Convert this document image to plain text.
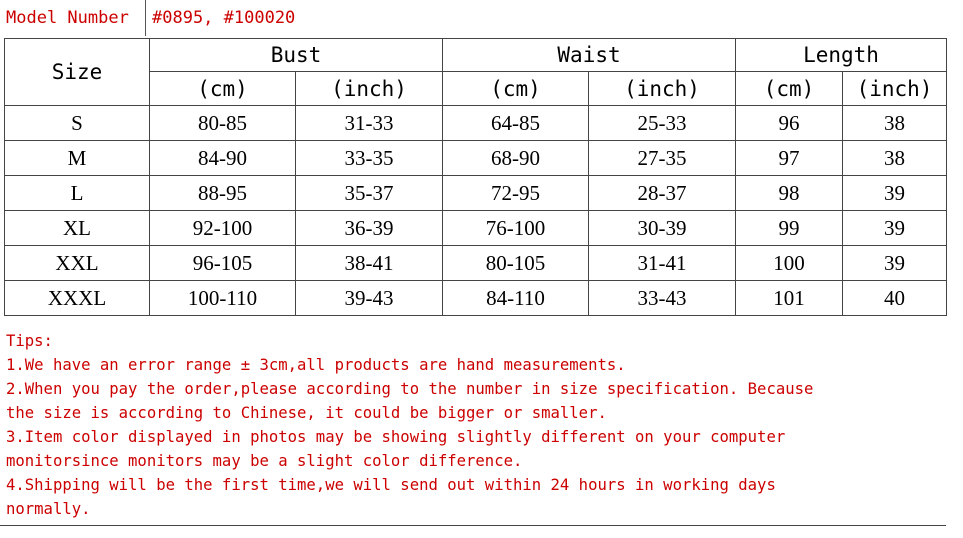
Model Number	#0895, #100020
Size	Bust		Waist		Length	
	(cm)	(inch)	(cm)	(inch)	(cm)	(inch)
S	80-85	31-33	64-85	25-33	96	38
M	84-90	33-35	68-90	27-35	97	38
L	88-95	35-37	72-95	28-37	98	39
XL	92-100	36-39	76-100	30-39	99	39
XXL	96-105	38-41	80-105	31-41	100	39
XXXL	100-110	39-43	84-110	33-43	101	40
Tips:
1.We have an error range ± 3cm,all products are hand measurements.
2.When you pay the order,please according to the number in size specification. Because
the size is according to Chinese, it could be bigger or smaller.
3.Item color displayed in photos may be showing slightly different on your computer
monitorsince monitors may be a slight color difference.
4.Shipping will be the first time,we will send out within 24 hours in working days
normally.
